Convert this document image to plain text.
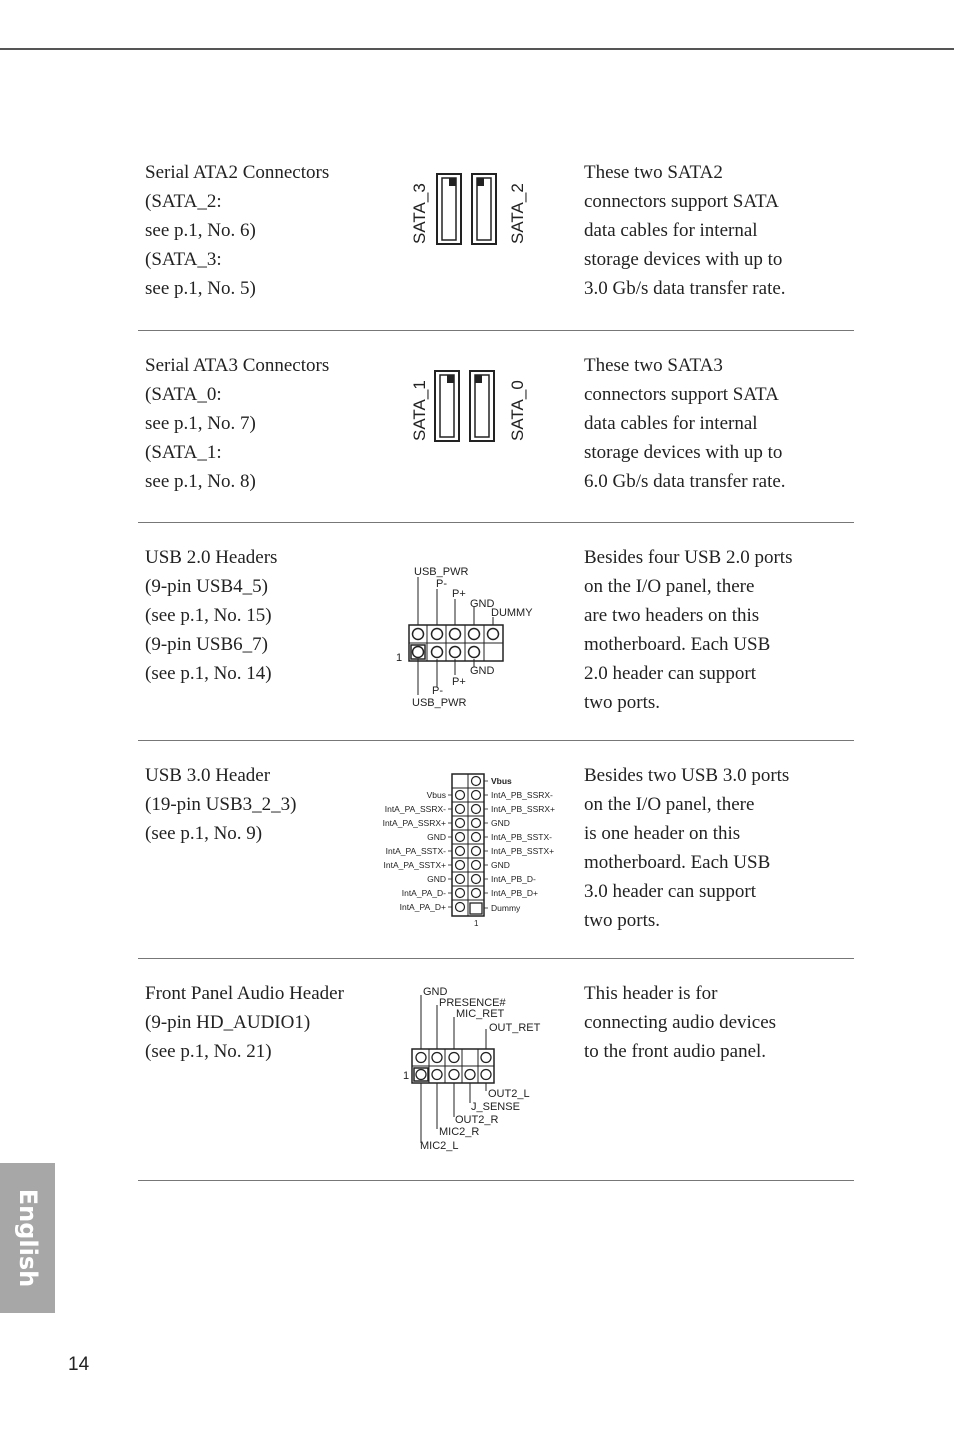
Serial ATA2 Connectors
(SATA_2:
see p.1, No. 6)
(SATA_3:
see p.1, No. 5)
SATA_3	SATA_2
These two SATA2
connectors support SATA
data cables for internal
storage devices with up to
3.0 Gb/s data transfer rate.
Serial ATA3 Connectors
(SATA_0:
see p.1, No. 7)
(SATA_1:
see p.1, No. 8)
SATA_1	SATA_0
These two SATA3
connectors support SATA
data cables for internal
storage devices with up to
6.0 Gb/s data transfer rate.
USB 2.0 Headers
(9-pin USB4_5)
(see p.1, No. 15)
(9-pin USB6_7)
(see p.1, No. 14)
USB_PWR
P-
P+
GND
DUMMY
1
GND
P+
P-
USB_PWR
Besides four USB 2.0 ports
on the I/O panel, there
are two headers on this
motherboard. Each USB
2.0 header can support
two ports.
USB 3.0 Header
(19-pin USB3_2_3)
(see p.1, No. 9)
Vbus
IntA_PB_SSRX-
IntA_PB_SSRX+
GND
IntA_PB_SSTX-
IntA_PB_SSTX+
GND
IntA_PB_D-
IntA_PB_D+
Dummy
Vbus
IntA_PA_SSRX-
IntA_PA_SSRX+
GND
IntA_PA_SSTX-
IntA_PA_SSTX+
GND
IntA_PA_D-
IntA_PA_D+
1
Besides two USB 3.0 ports
on the I/O panel, there
is one header on this
motherboard. Each USB
3.0 header can support
two ports.
Front Panel Audio Header
(9-pin HD_AUDIO1)
(see p.1, No. 21)
GND
PRESENCE#
MIC_RET
OUT_RET
1
OUT2_L
J_SENSE
OUT2_R
MIC2_R
MIC2_L
This header is for
connecting audio devices
to the front audio panel.
English
14
